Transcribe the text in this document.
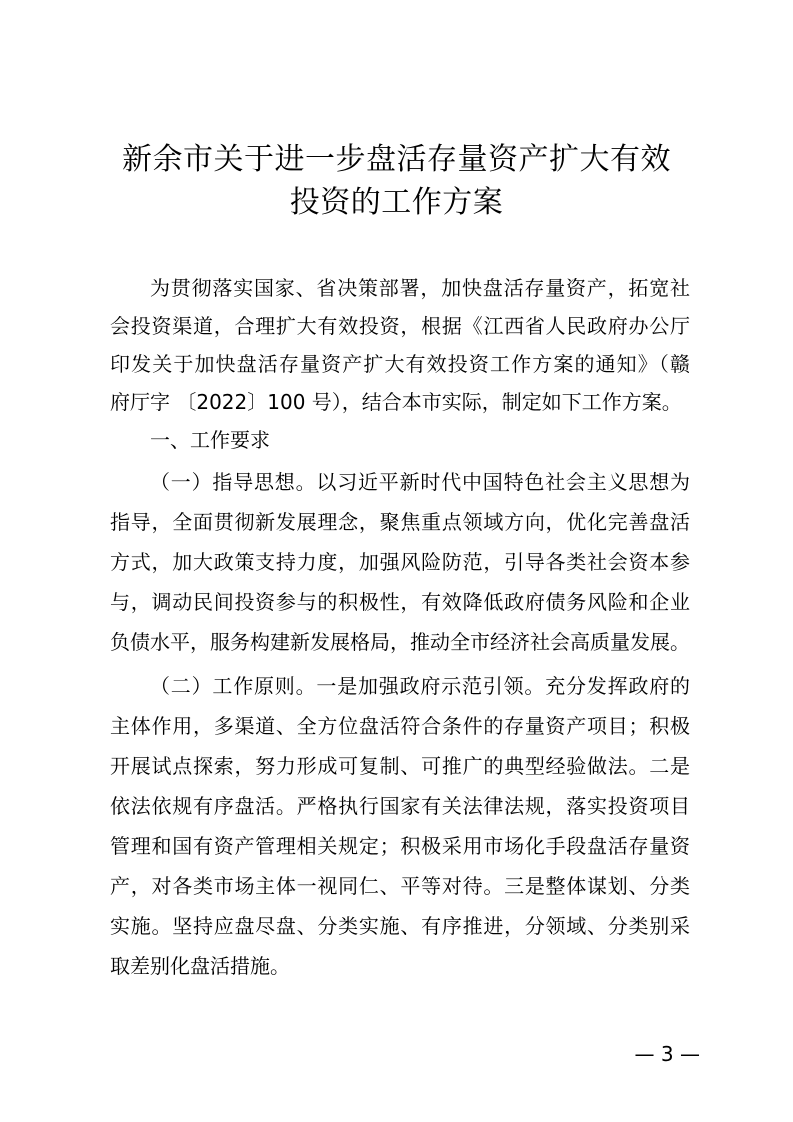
新余市关于进一步盘活存量资产扩大有效
投资的工作方案
为贯彻落实国家、省决策部署，加快盘活存量资产，拓宽社
会投资渠道，合理扩大有效投资，根据《江西省人民政府办公厅
印发关于加快盘活存量资产扩大有效投资工作方案的通知》（赣
府厅字 〔2022〕100 号），结合本市实际，制定如下工作方案。
一、工作要求
（一）指导思想。以习近平新时代中国特色社会主义思想为
指导，全面贯彻新发展理念，聚焦重点领域方向，优化完善盘活
方式，加大政策支持力度，加强风险防范，引导各类社会资本参
与，调动民间投资参与的积极性，有效降低政府债务风险和企业
负债水平，服务构建新发展格局，推动全市经济社会高质量发展。
（二）工作原则。一是加强政府示范引领。充分发挥政府的
主体作用，多渠道、全方位盘活符合条件的存量资产项目；积极
开展试点探索，努力形成可复制、可推广的典型经验做法。二是
依法依规有序盘活。严格执行国家有关法律法规，落实投资项目
管理和国有资产管理相关规定；积极采用市场化手段盘活存量资
产，对各类市场主体一视同仁、平等对待。三是整体谋划、分类
实施。坚持应盘尽盘、分类实施、有序推进，分领域、分类别采
取差别化盘活措施。
— 3 —
